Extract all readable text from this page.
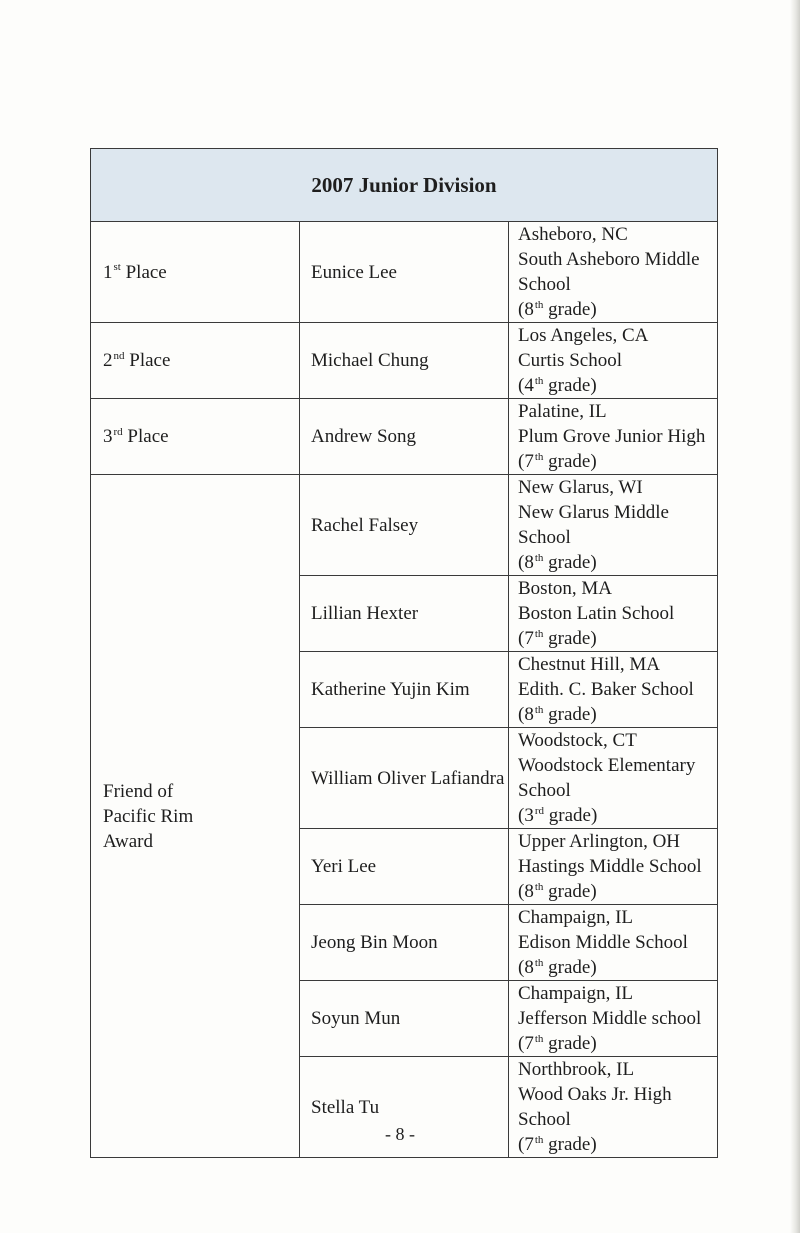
2007 Junior Division		
1st Place	Eunice Lee	Asheboro, NC
South Asheboro Middle School
(8th grade)

2nd Place	Michael Chung	Los Angeles, CA
Curtis School
(4th grade)

3rd Place	Andrew Song	Palatine, IL
Plum Grove Junior High
(7th grade)

Friend of Pacific Rim Award	Rachel Falsey	New Glarus, WI
New Glarus Middle School
(8th grade)

	Lillian Hexter	Boston, MA
Boston Latin School
(7th grade)

	Katherine Yujin Kim	Chestnut Hill, MA
Edith. C. Baker School
(8th grade)

	William Oliver Lafiandra	Woodstock, CT
Woodstock Elementary School
(3rd grade)

	Yeri Lee	Upper Arlington, OH
Hastings Middle School
(8th grade)

	Jeong Bin Moon	Champaign, IL
Edison Middle School
(8th grade)

	Soyun Mun	Champaign, IL
Jefferson Middle school
(7th grade)

	Stella Tu	Northbrook, IL
Wood Oaks Jr. High School
(7th grade)
- 8 -
